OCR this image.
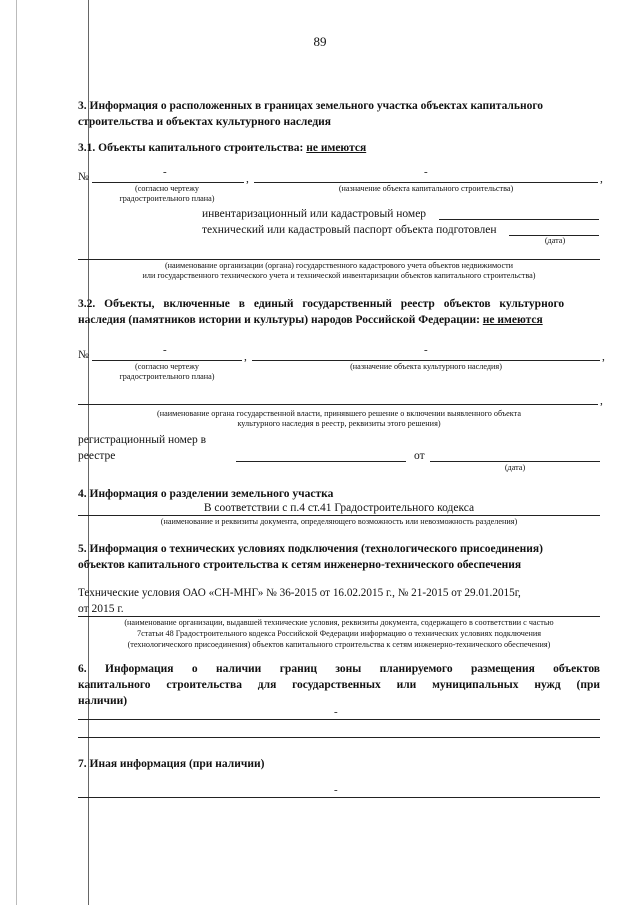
89
3. Информация о расположенных в границах земельного участка объектах капитального
строительства и объектах культурного наследия
3.1. Объекты капитального строительства: не имеются
№	-
,
-
,
(согласно чертежу
градостроительного плана)
(назначение объекта капитального строительства)
инвентаризационный или кадастровый номер
технический или кадастровый паспорт объекта подготовлен
(дата)
(наименование организации (органа) государственного кадастрового учета объектов недвижимости
или государственного технического учета и технической инвентаризации объектов капитального строительства)
3.2. Объекты, включенные в единый государственный реестр объектов культурного
наследия (памятников истории и культуры) народов Российской Федерации: не имеются
№	-
,
-
,
(согласно чертежу
градостроительного плана)
(назначение объекта культурного наследия)
,
(наименование органа государственной власти, принявшего решение о включении выявленного объекта
культурного наследия в реестр, реквизиты этого решения)
регистрационный номер в
реестре	от
(дата)
4. Информация о разделении земельного участка
В соответствии с п.4 ст.41 Градостроительного кодекса
(наименование и реквизиты документа, определяющего возможность или невозможность разделения)
5. Информация о технических условиях подключения (технологического присоединения)
объектов капитального строительства к сетям инженерно-технического обеспечения
Технические условия ОАО «СН-МНГ» № 36-2015 от 16.02.2015 г., № 21-2015 от 29.01.2015г,
от 2015 г.
(наименование организации, выдавшей технические условия, реквизиты документа, содержащего в соответствии с частью
7статьи 48 Градостроительного кодекса Российской Федерации информацию о технических условиях подключения
(технологического присоединения) объектов капитального строительства к сетям инженерно-технического обеспечения)
6. Информация о наличии границ зоны планируемого размещения объектов
капитального строительства для государственных или муниципальных нужд (при
наличии)
-
7. Иная информация (при наличии)
-
